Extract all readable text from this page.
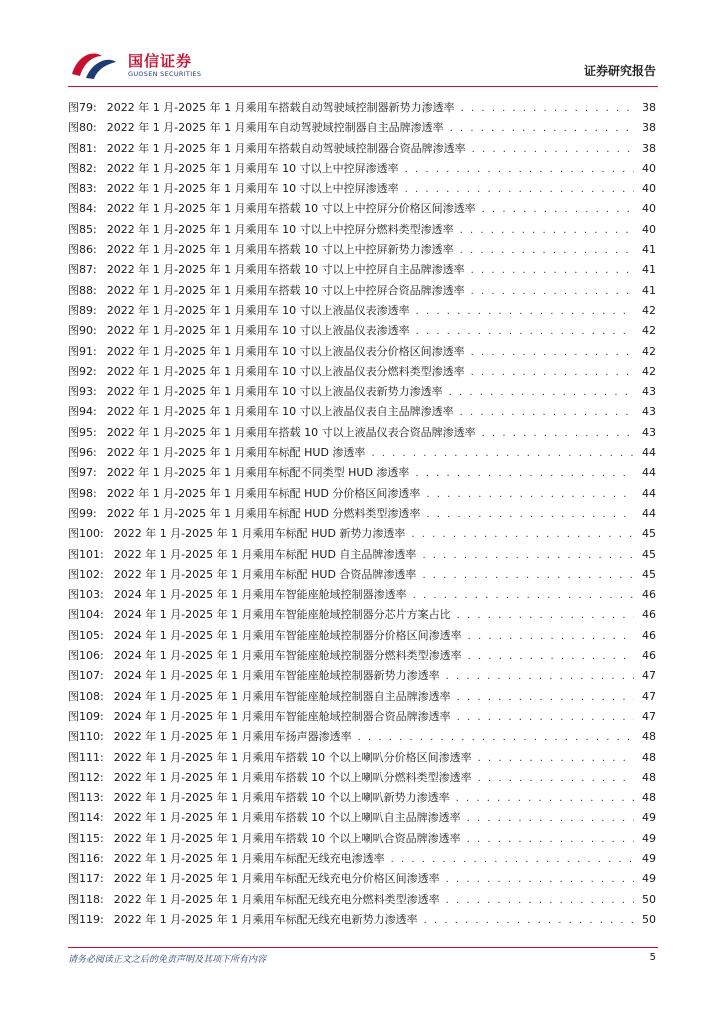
国信证券
GUOSEN SECURITIES	证券研究报告
图79: 2022 年 1 月-2025 年 1 月乘用车搭载自动驾驶域控制器新势力渗透率 . . .	38
图80: 2022 年 1 月-2025 年 1 月乘用车自动驾驶域控制器自主品牌渗透率 . . .	38
图81: 2022 年 1 月-2025 年 1 月乘用车搭载自动驾驶域控制器合资品牌渗透率 . . .	38
图82: 2022 年 1 月-2025 年 1 月乘用车 10 寸以上中控屏渗透率 . . .	40
图83: 2022 年 1 月-2025 年 1 月乘用车 10 寸以上中控屏渗透率 . . .	40
图84: 2022 年 1 月-2025 年 1 月乘用车搭载 10 寸以上中控屏分价格区间渗透率 . . .	40
图85: 2022 年 1 月-2025 年 1 月乘用车 10 寸以上中控屏分燃料类型渗透率 . . .	40
图86: 2022 年 1 月-2025 年 1 月乘用车搭载 10 寸以上中控屏新势力渗透率 . . .	41
图87: 2022 年 1 月-2025 年 1 月乘用车搭载 10 寸以上中控屏自主品牌渗透率 . . .	41
图88: 2022 年 1 月-2025 年 1 月乘用车搭载 10 寸以上中控屏合资品牌渗透率 . . .	41
图89: 2022 年 1 月-2025 年 1 月乘用车 10 寸以上液晶仪表渗透率 . . .	42
图90: 2022 年 1 月-2025 年 1 月乘用车 10 寸以上液晶仪表渗透率 . . .	42
图91: 2022 年 1 月-2025 年 1 月乘用车 10 寸以上液晶仪表分价格区间渗透率 . . .	42
图92: 2022 年 1 月-2025 年 1 月乘用车 10 寸以上液晶仪表分燃料类型渗透率 . . .	42
图93: 2022 年 1 月-2025 年 1 月乘用车 10 寸以上液晶仪表新势力渗透率 . . .	43
图94: 2022 年 1 月-2025 年 1 月乘用车 10 寸以上液晶仪表自主品牌渗透率 . . .	43
图95: 2022 年 1 月-2025 年 1 月乘用车搭载 10 寸以上液晶仪表合资品牌渗透率 . . .	43
图96: 2022 年 1 月-2025 年 1 月乘用车标配 HUD 渗透率 . . .	44
图97: 2022 年 1 月-2025 年 1 月乘用车标配不同类型 HUD 渗透率 . . .	44
图98: 2022 年 1 月-2025 年 1 月乘用车标配 HUD 分价格区间渗透率 . . .	44
图99: 2022 年 1 月-2025 年 1 月乘用车标配 HUD 分燃料类型渗透率 . . .	44
图100: 2022 年 1 月-2025 年 1 月乘用车标配 HUD 新势力渗透率 . . .	45
图101: 2022 年 1 月-2025 年 1 月乘用车标配 HUD 自主品牌渗透率 . . .	45
图102: 2022 年 1 月-2025 年 1 月乘用车标配 HUD 合资品牌渗透率 . . .	45
图103: 2024 年 1 月-2025 年 1 月乘用车智能座舱域控制器渗透率 . . .	46
图104: 2024 年 1 月-2025 年 1 月乘用车智能座舱域控制器分芯片方案占比 . . .	46
图105: 2024 年 1 月-2025 年 1 月乘用车智能座舱域控制器分价格区间渗透率 . . .	46
图106: 2024 年 1 月-2025 年 1 月乘用车智能座舱域控制器分燃料类型渗透率 . . .	46
图107: 2024 年 1 月-2025 年 1 月乘用车智能座舱域控制器新势力渗透率 . . .	47
图108: 2024 年 1 月-2025 年 1 月乘用车智能座舱域控制器自主品牌渗透率 . . .	47
图109: 2024 年 1 月-2025 年 1 月乘用车智能座舱域控制器合资品牌渗透率 . . .	47
图110: 2022 年 1 月-2025 年 1 月乘用车扬声器渗透率 . . .	48
图111: 2022 年 1 月-2025 年 1 月乘用车搭载 10 个以上喇叭分价格区间渗透率 . . .	48
图112: 2022 年 1 月-2025 年 1 月乘用车搭载 10 个以上喇叭分燃料类型渗透率 . . .	48
图113: 2022 年 1 月-2025 年 1 月乘用车搭载 10 个以上喇叭新势力渗透率 . . .	48
图114: 2022 年 1 月-2025 年 1 月乘用车搭载 10 个以上喇叭自主品牌渗透率 . . .	49
图115: 2022 年 1 月-2025 年 1 月乘用车搭载 10 个以上喇叭合资品牌渗透率 . . .	49
图116: 2022 年 1 月-2025 年 1 月乘用车标配无线充电渗透率 . . .	49
图117: 2022 年 1 月-2025 年 1 月乘用车标配无线充电分价格区间渗透率 . . .	49
图118: 2022 年 1 月-2025 年 1 月乘用车标配无线充电分燃料类型渗透率 . . .	50
图119: 2022 年 1 月-2025 年 1 月乘用车标配无线充电新势力渗透率 . . .	50
请务必阅读正文之后的免责声明及其项下所有内容	5
